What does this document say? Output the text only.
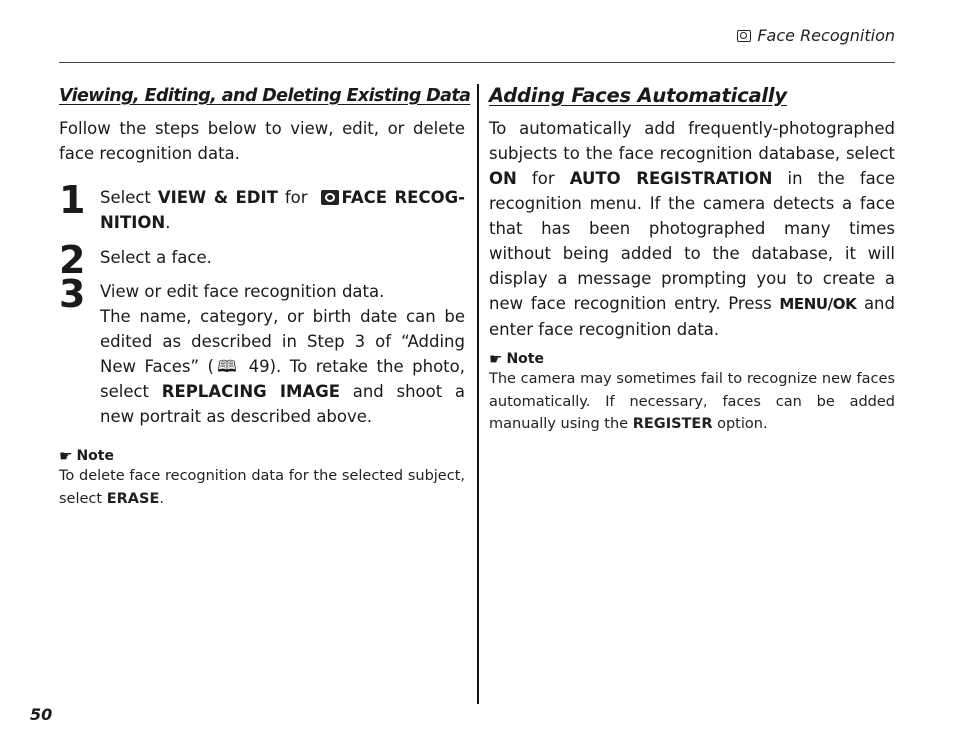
Face Recognition
Viewing, Editing, and Deleting Existing Data
Follow the steps below to view, edit, or delete face recognition data.
1 Select VIEW & EDIT for FACE RECOGNITION.
2 Select a face.
3 View or edit face recognition data.
The name, category, or birth date can be edited as described in Step 3 of “Adding New Faces” (🕮 49). To retake the photo, select REPLACING IMAGE and shoot a new portrait as described above.
☛ Note
To delete face recognition data for the selected subject, select ERASE.
Adding Faces Automatically
To automatically add frequently-photographed subjects to the face recognition database, select ON for AUTO REGISTRATION in the face recognition menu. If the camera detects a face that has been photographed many times without being added to the database, it will display a message prompting you to create a new face recognition entry. Press MENU/OK and enter face recognition data.
☛ Note
The camera may sometimes fail to recognize new faces automatically. If necessary, faces can be added manually using the REGISTER option.
50
